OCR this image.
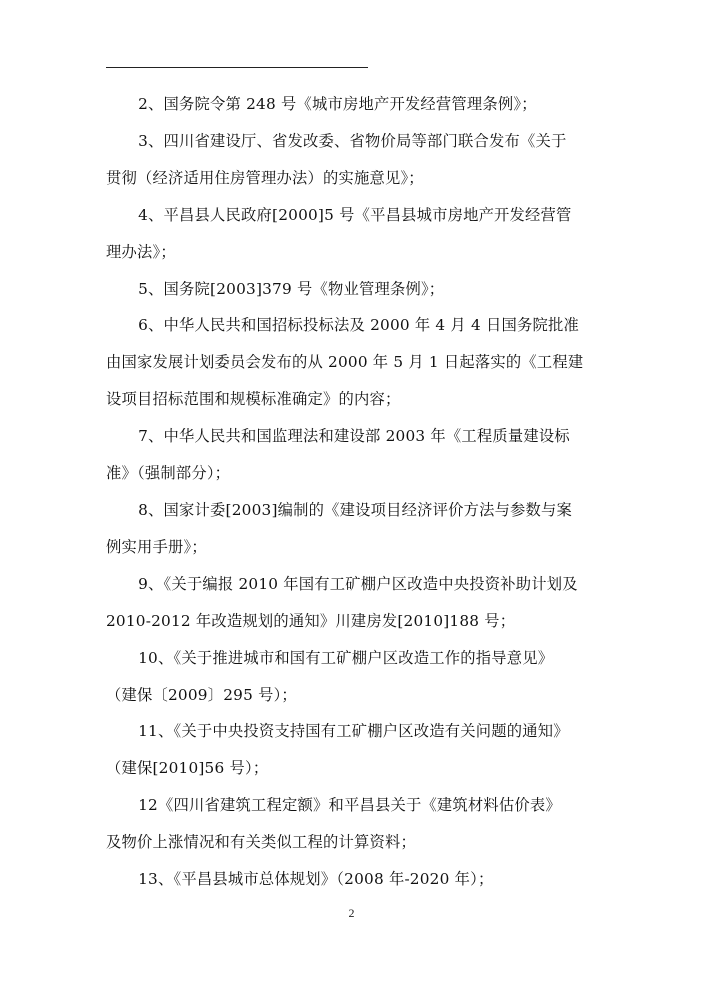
2、国务院令第 248 号《城市房地产开发经营管理条例》；

3、四川省建设厅、省发改委、省物价局等部门联合发布《关于
贯彻（经济适用住房管理办法）的实施意见》；

4、平昌县人民政府[2000]5 号《平昌县城市房地产开发经营管
理办法》；

5、国务院[2003]379 号《物业管理条例》；

6、中华人民共和国招标投标法及 2000 年 4 月 4 日国务院批准
由国家发展计划委员会发布的从 2000 年 5 月 1 日起落实的《工程建
设项目招标范围和规模标准确定》的内容；

7、中华人民共和国监理法和建设部 2003 年《工程质量建设标
准》（强制部分）；

8、国家计委[2003]编制的《建设项目经济评价方法与参数与案
例实用手册》；

9、《关于编报 2010 年国有工矿棚户区改造中央投资补助计划及
2010-2012 年改造规划的通知》川建房发[2010]188 号；

10、《关于推进城市和国有工矿棚户区改造工作的指导意见》
（建保〔2009〕295 号）；

11、《关于中央投资支持国有工矿棚户区改造有关问题的通知》
（建保[2010]56 号）；

12《四川省建筑工程定额》和平昌县关于《建筑材料估价表》
及物价上涨情况和有关类似工程的计算资料；

13、《平昌县城市总体规划》（2008 年-2020 年）；

2
